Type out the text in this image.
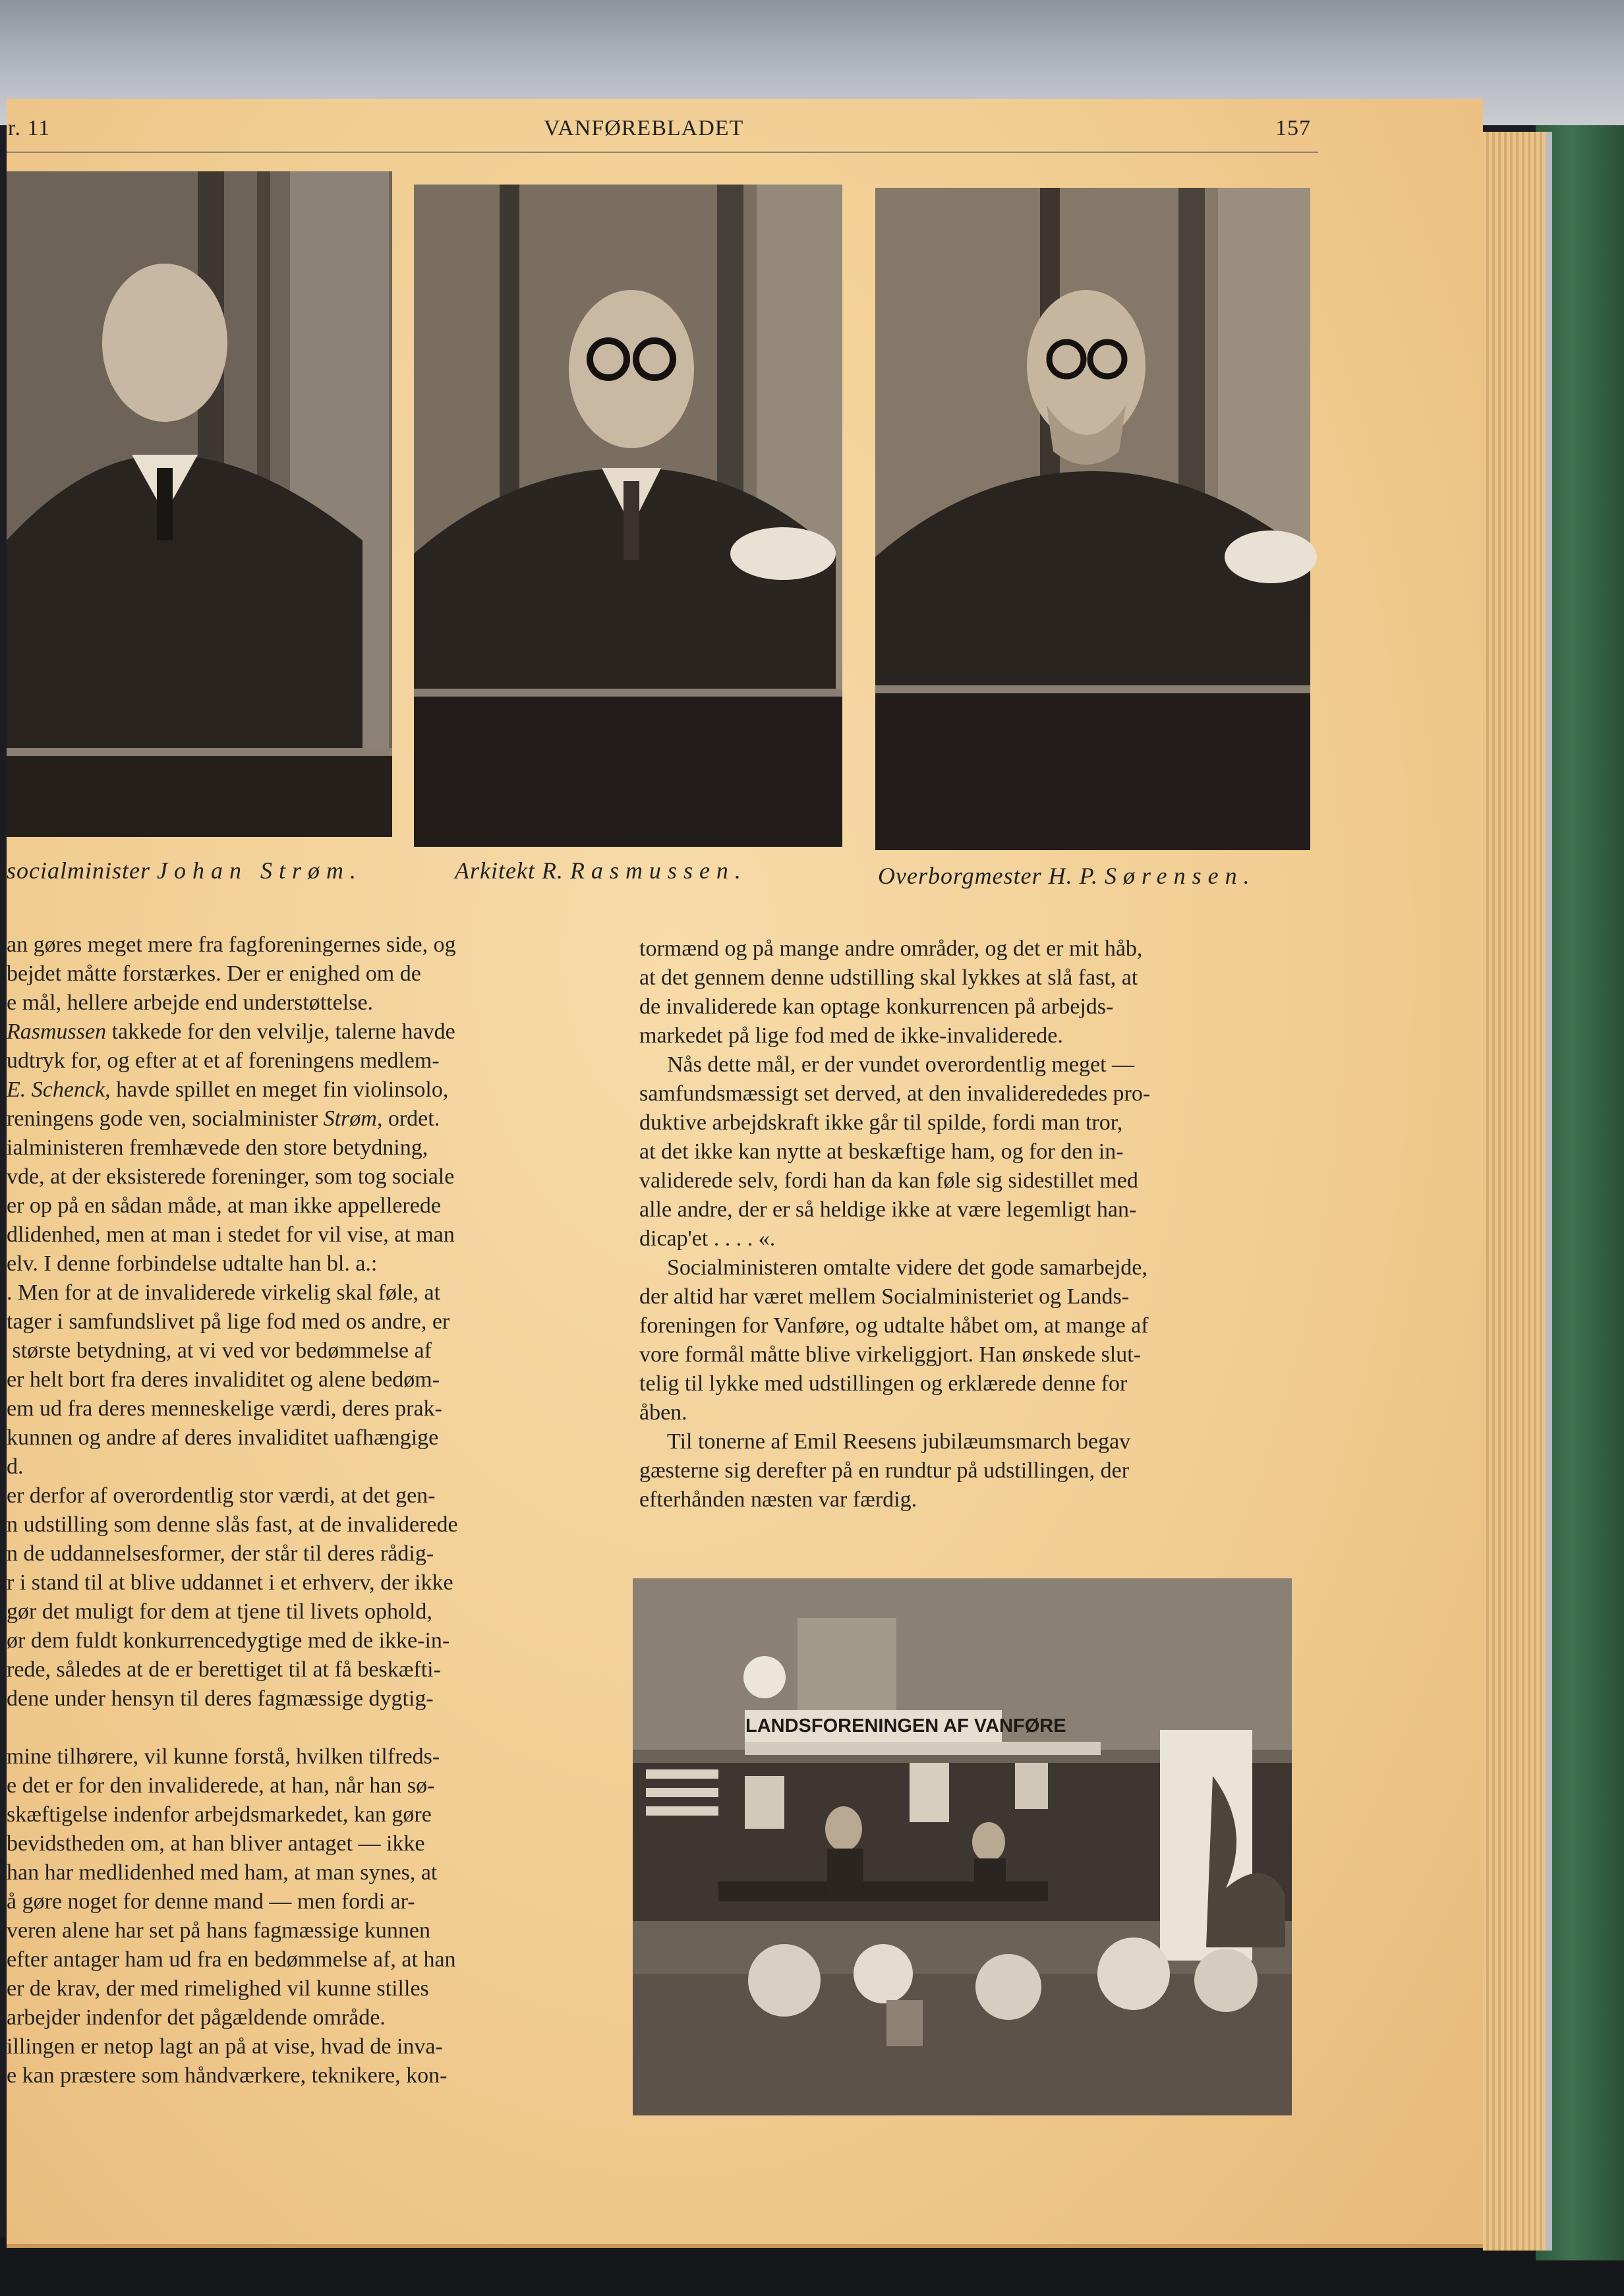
r. 11	VANFØREBLADET	157
socialminister Johan Strøm.	Arkitekt R. Rasmussen.	Overborgmester H. P. Sørensen.

an gøres meget mere fra fagforeningernes side, og

bejdet måtte forstærkes. Der er enighed om de

e mål, hellere arbejde end understøttelse.

Rasmussen takkede for den velvilje, talerne havde

udtryk for, og efter at et af foreningens medlem-

E. Schenck, havde spillet en meget fin violinsolo,

reningens gode ven, socialminister Strøm, ordet.

ialministeren fremhævede den store betydning,

vde, at der eksisterede foreninger, som tog sociale

er op på en sådan måde, at man ikke appellerede

dlidenhed, men at man i stedet for vil vise, at man

elv. I denne forbindelse udtalte han bl. a.:

. Men for at de invaliderede virkelig skal føle, at

tager i samfundslivet på lige fod med os andre, er

største betydning, at vi ved vor bedømmelse af

er helt bort fra deres invaliditet og alene bedøm-

em ud fra deres menneskelige værdi, deres prak-

kunnen og andre af deres invaliditet uafhængige

d.

er derfor af overordentlig stor værdi, at det gen-

n udstilling som denne slås fast, at de invaliderede

n de uddannelsesformer, der står til deres rådig-

r i stand til at blive uddannet i et erhverv, der ikke

gør det muligt for dem at tjene til livets ophold,

ør dem fuldt konkurrencedygtige med de ikke-in-

rede, således at de er berettiget til at få beskæfti-

dene under hensyn til deres fagmæssige dygtig-

mine tilhørere, vil kunne forstå, hvilken tilfreds-

e det er for den invaliderede, at han, når han sø-

skæftigelse indenfor arbejdsmarkedet, kan gøre

bevidstheden om, at han bliver antaget — ikke

han har medlidenhed med ham, at man synes, at

å gøre noget for denne mand — men fordi ar-

veren alene har set på hans fagmæssige kunnen

efter antager ham ud fra en bedømmelse af, at han

er de krav, der med rimelighed vil kunne stilles

arbejder indenfor det pågældende område.

illingen er netop lagt an på at vise, hvad de inva-

e kan præstere som håndværkere, teknikere, kon-

tormænd og på mange andre områder, og det er mit håb,

at det gennem denne udstilling skal lykkes at slå fast, at

de invaliderede kan optage konkurrencen på arbejds-

markedet på lige fod med de ikke-invaliderede.

Nås dette mål, er der vundet overordentlig meget —

samfundsmæssigt set derved, at den invaliderededes pro-

duktive arbejdskraft ikke går til spilde, fordi man tror,

at det ikke kan nytte at beskæftige ham, og for den in-

validerede selv, fordi han da kan føle sig sidestillet med

alle andre, der er så heldige ikke at være legemligt han-

dicap'et . . . . «.

Socialministeren omtalte videre det gode samarbejde,

der altid har været mellem Socialministeriet og Lands-

foreningen for Vanføre, og udtalte håbet om, at mange af

vore formål måtte blive virkeliggjort. Han ønskede slut-

telig til lykke med udstillingen og erklærede denne for

åben.

Til tonerne af Emil Reesens jubilæumsmarch begav

gæsterne sig derefter på en rundtur på udstillingen, der

efterhånden næsten var færdig.

LANDSFORENINGEN AF VANFØRE
